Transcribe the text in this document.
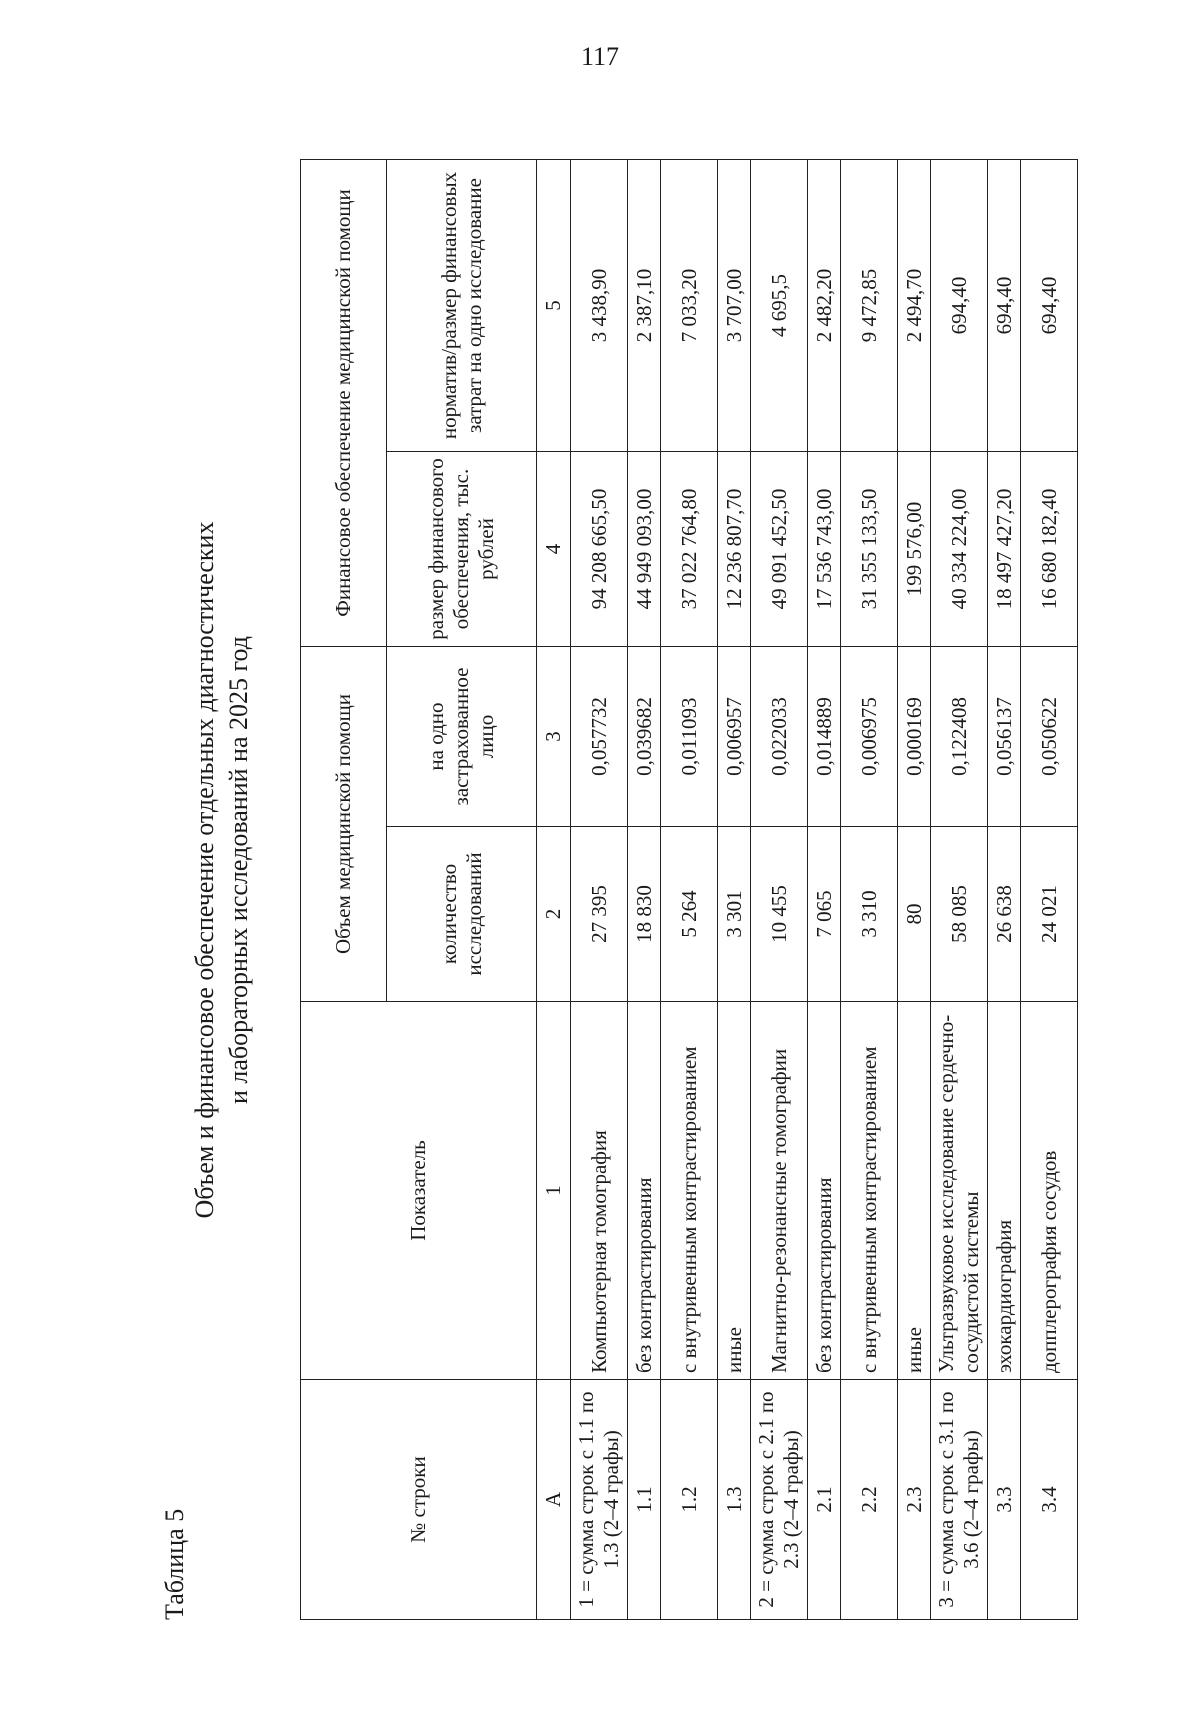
117
Таблица 5
Объем и финансовое обеспечение отдельных диагностических и лабораторных исследований на 2025 год
№ строки	Показатель	Объем медицинской помощи		Финансовое обеспечение медицинской помощи	
		количество исследований	на одно застрахованное лицо	размер финансового обеспечения, тыс. рублей	норматив/размер финансовых затрат на одно исследование
А	1	2	3	4	5
1 = сумма строк с 1.1 по 1.3 (2–4 графы)	Компьютерная томография	27 395	0,057732	94 208 665,50	3 438,90
1.1	без контрастирования	18 830	0,039682	44 949 093,00	2 387,10
1.2	с внутривенным контрастированием	5 264	0,011093	37 022 764,80	7 033,20
1.3	иные	3 301	0,006957	12 236 807,70	3 707,00
2 = сумма строк с 2.1 по 2.3 (2–4 графы)	Магнитно-резонансные томографии	10 455	0,022033	49 091 452,50	4 695,5
2.1	без контрастирования	7 065	0,014889	17 536 743,00	2 482,20
2.2	с внутривенным контрастированием	3 310	0,006975	31 355 133,50	9 472,85
2.3	иные	80	0,000169	199 576,00	2 494,70
3 = сумма строк с 3.1 по 3.6 (2–4 графы)	Ультразвуковое исследование сердечно-сосудистой системы	58 085	0,122408	40 334 224,00	694,40
3.3	эхокардиография	26 638	0,056137	18 497 427,20	694,40
3.4	допплерография сосудов	24 021	0,050622	16 680 182,40	694,40
